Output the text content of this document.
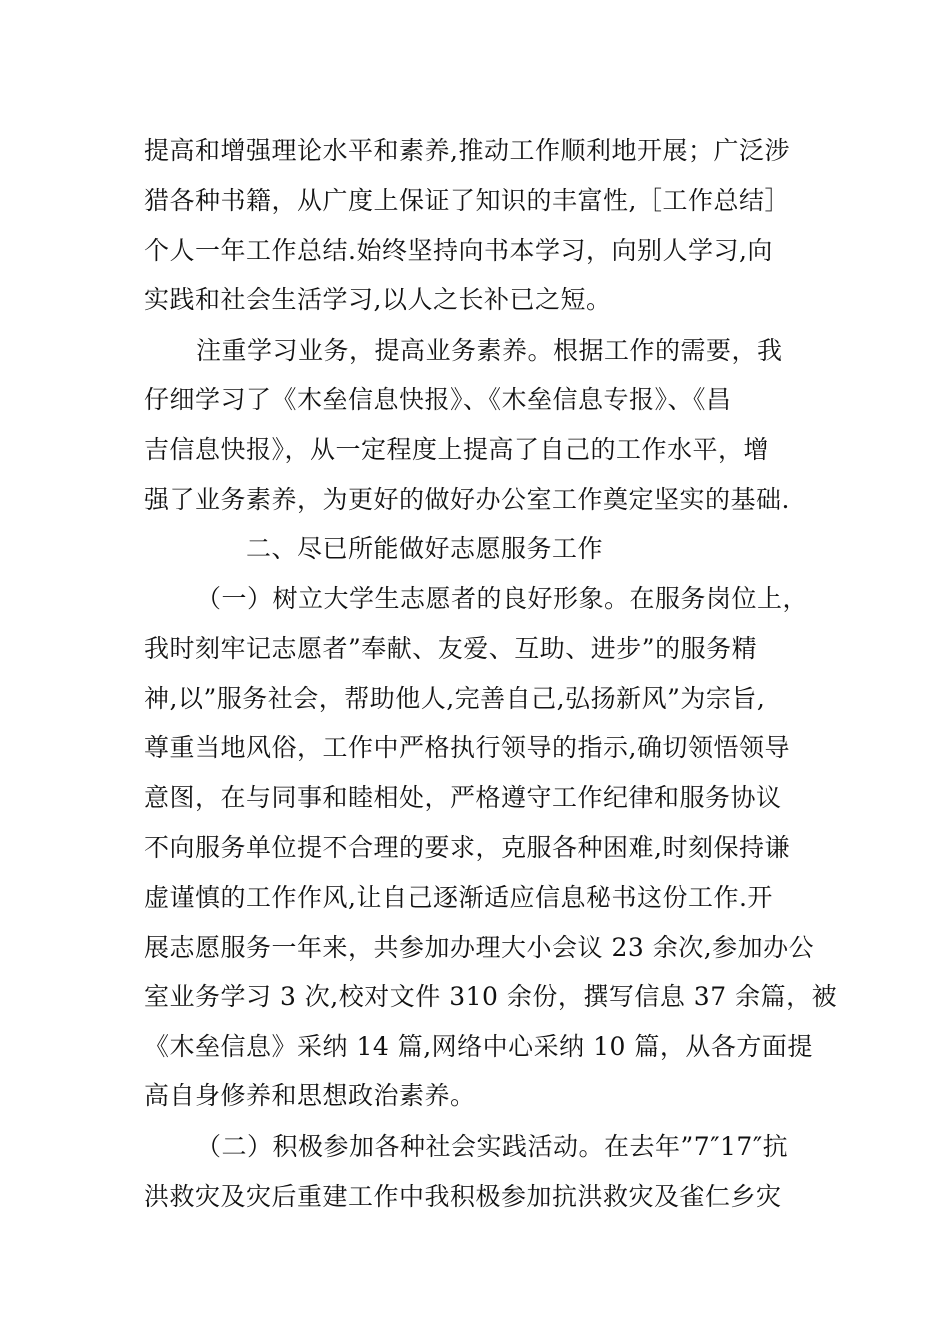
提高和增强理论水平和素养,推动工作顺利地开展；广泛涉
猎各种书籍，从广度上保证了知识的丰富性,［工作总结］
个人一年工作总结.始终坚持向书本学习，向别人学习,向
实践和社会生活学习,以人之长补已之短。
注重学习业务，提高业务素养。根据工作的需要，我
仔细学习了《木垒信息快报》、《木垒信息专报》、《昌
吉信息快报》，从一定程度上提高了自己的工作水平，增
强了业务素养，为更好的做好办公室工作奠定坚实的基础.
二、尽已所能做好志愿服务工作
（一）树立大学生志愿者的良好形象。在服务岗位上，
我时刻牢记志愿者”奉献、友爱、互助、进步”的服务精
神,以”服务社会，帮助他人,完善自己,弘扬新风”为宗旨,
尊重当地风俗，工作中严格执行领导的指示,确切领悟领导
意图，在与同事和睦相处，严格遵守工作纪律和服务协议
不向服务单位提不合理的要求，克服各种困难,时刻保持谦
虚谨慎的工作作风,让自己逐渐适应信息秘书这份工作.开
展志愿服务一年来，共参加办理大小会议 23 余次,参加办公
室业务学习 3 次,校对文件 310 余份，撰写信息 37 余篇，被
《木垒信息》采纳 14 篇,网络中心采纳 10 篇，从各方面提
高自身修养和思想政治素养。
（二）积极参加各种社会实践活动。在去年”7″17″抗
洪救灾及灾后重建工作中我积极参加抗洪救灾及雀仁乡灾
